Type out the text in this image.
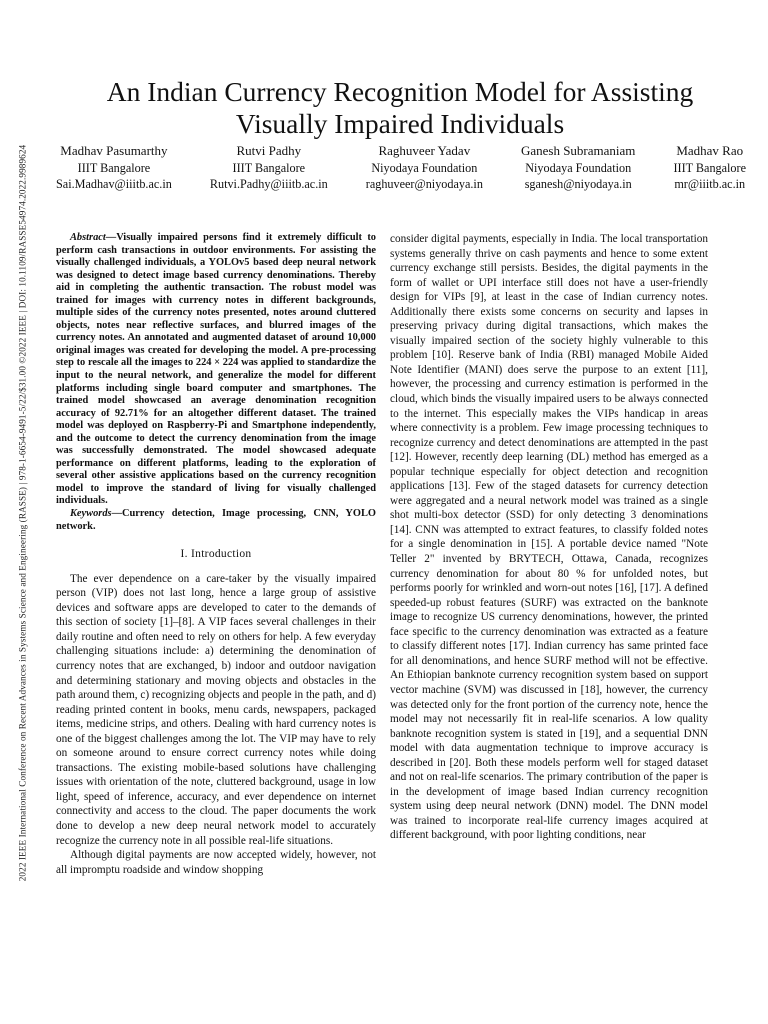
2022 IEEE International Conference on Recent Advances in Systems Science and Engineering (RASSE) | 978-1-6654-9491-5/22/$31.00 ©2022 IEEE | DOI: 10.1109/RASSE54974.2022.9989624
An Indian Currency Recognition Model for Assisting Visually Impaired Individuals
Madhav Pasumarthy
IIIT Bangalore
Sai.Madhav@iiitb.ac.in
Rutvi Padhy
IIIT Bangalore
Rutvi.Padhy@iiitb.ac.in
Raghuveer Yadav
Niyodaya Foundation
raghuveer@niyodaya.in
Ganesh Subramaniam
Niyodaya Foundation
sganesh@niyodaya.in
Madhav Rao
IIIT Bangalore
mr@iiitb.ac.in

Abstract—Visually impaired persons find it extremely difficult to perform cash transactions in outdoor environments. For assisting the visually challenged individuals, a YOLOv5 based deep neural network was designed to detect image based currency denominations. Thereby aid in completing the authentic transaction. The robust model was trained for images with currency notes in different backgrounds, multiple sides of the currency notes presented, notes around cluttered objects, notes near reflective surfaces, and blurred images of the currency notes. An annotated and augmented dataset of around 10,000 original images was created for developing the model. A pre-processing step to rescale all the images to 224 × 224 was applied to standardize the input to the neural network, and generalize the model for different platforms including single board computer and smartphones. The trained model showcased an average denomination recognition accuracy of 92.71% for an altogether different dataset. The trained model was deployed on Raspberry-Pi and Smartphone independently, and the outcome to detect the currency denomination from the image was successfully demonstrated. The model showcased adequate performance on different platforms, leading to the exploration of several other assistive applications based on the currency recognition model to improve the standard of living for visually challenged individuals.

Keywords—Currency detection, Image processing, CNN, YOLO network.

I. Introduction

The ever dependence on a care-taker by the visually impaired person (VIP) does not last long, hence a large group of assistive devices and software apps are developed to cater to the demands of this section of society [1]–[8]. A VIP faces several challenges in their daily routine and often need to rely on others for help. A few everyday challenging situations include: a) determining the denomination of currency notes that are exchanged, b) indoor and outdoor navigation and determining stationary and moving objects and obstacles in the path around them, c) recognizing objects and people in the path, and d) reading printed content in books, menu cards, newspapers, packaged items, medicine strips, and others. Dealing with hard currency notes is one of the biggest challenges among the lot. The VIP may have to rely on someone around to ensure correct currency notes while doing transactions. The existing mobile-based solutions have challenging issues with orientation of the note, cluttered background, usage in low light, speed of inference, accuracy, and ever dependence on internet connectivity and access to the cloud. The paper documents the work done to develop a new deep neural network model to accurately recognize the currency note in all possible real-life situations.

Although digital payments are now accepted widely, however, not all impromptu roadside and window shopping

consider digital payments, especially in India. The local transportation systems generally thrive on cash payments and hence to some extent currency exchange still persists. Besides, the digital payments in the form of wallet or UPI interface still does not have a user-friendly design for VIPs [9], at least in the case of Indian currency notes. Additionally there exists some concerns on security and lapses in preserving privacy during digital transactions, which makes the visually impaired section of the society highly vulnerable to this problem [10]. Reserve bank of India (RBI) managed Mobile Aided Note Identifier (MANI) does serve the purpose to an extent [11], however, the processing and currency estimation is performed in the cloud, which binds the visually impaired users to be always connected to the internet. This especially makes the VIPs handicap in areas where connectivity is a problem. Few image processing techniques to recognize currency and detect denominations are attempted in the past [12]. However, recently deep learning (DL) method has emerged as a popular technique especially for object detection and recognition applications [13]. Few of the staged datasets for currency detection were aggregated and a neural network model was trained as a single shot multi-box detector (SSD) for only detecting 3 denominations [14]. CNN was attempted to extract features, to classify folded notes for a single denomination in [15]. A portable device named "Note Teller 2" invented by BRYTECH, Ottawa, Canada, recognizes currency denomination for about 80 % for unfolded notes, but performs poorly for wrinkled and worn-out notes [16], [17]. A defined speeded-up robust features (SURF) was extracted on the banknote image to recognize US currency denominations, however, the printed face specific to the currency denomination was extracted as a feature to classify different notes [17]. Indian currency has same printed face for all denominations, and hence SURF method will not be effective. An Ethiopian banknote currency recognition system based on support vector machine (SVM) was discussed in [18], however, the currency was detected only for the front portion of the currency note, hence the model may not necessarily fit in real-life scenarios. A low quality banknote recognition system is stated in [19], and a sequential DNN model with data augmentation technique to improve accuracy is described in [20]. Both these models perform well for staged dataset and not on real-life scenarios. The primary contribution of the paper is in the development of image based Indian currency recognition system using deep neural network (DNN) model. The DNN model was trained to incorporate real-life currency images acquired at different background, with poor lighting conditions, near
